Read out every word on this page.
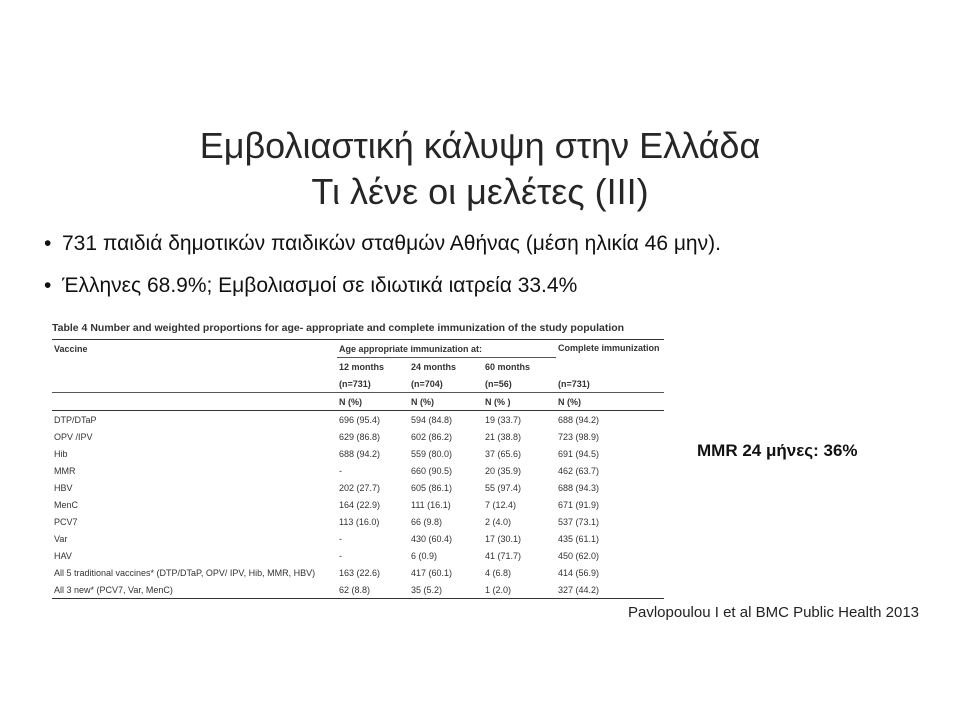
Εμβολιαστική κάλυψη στην Ελλάδα
Τι λένε οι μελέτες (ΙΙΙ)
• 731 παιδιά δημοτικών παιδικών σταθμών Αθήνας (μέση ηλικία 46 μην).
• Έλληνες 68.9%; Εμβολιασμοί σε ιδιωτικά ιατρεία 33.4%
Table 4 Number and weighted proportions for age- appropriate and complete immunization of the study population
Vaccine	Age appropriate immunization at:			Complete immunization
	12 months	24 months	60 months	
	(n=731)	(n=704)	(n=56)	(n=731)
	N (%)	N (%)	N (% )	N (%)
DTP/DTaP	696 (95.4)	594 (84.8)	19 (33.7)	688 (94.2)
OPV /IPV	629 (86.8)	602 (86.2)	21 (38.8)	723 (98.9)
Hib	688 (94.2)	559 (80.0)	37 (65.6)	691 (94.5)
MMR	-	660 (90.5)	20 (35.9)	462 (63.7)
HBV	202 (27.7)	605 (86.1)	55 (97.4)	688 (94.3)
MenC	164 (22.9)	111 (16.1)	7 (12.4)	671 (91.9)
PCV7	113 (16.0)	66 (9.8)	2 (4.0)	537 (73.1)
Var	-	430 (60.4)	17 (30.1)	435 (61.1)
HAV	-	6 (0.9)	41 (71.7)	450 (62.0)
All 5 traditional vaccines* (DTP/DTaP, OPV/ IPV, Hib, MMR, HBV)	163 (22.6)	417 (60.1)	4 (6.8)	414 (56.9)
All 3 new* (PCV7, Var, MenC)	62 (8.8)	35 (5.2)	1 (2.0)	327 (44.2)
MMR 24 μήνες: 36%
Pavlopoulou I et al BMC Public Health 2013
